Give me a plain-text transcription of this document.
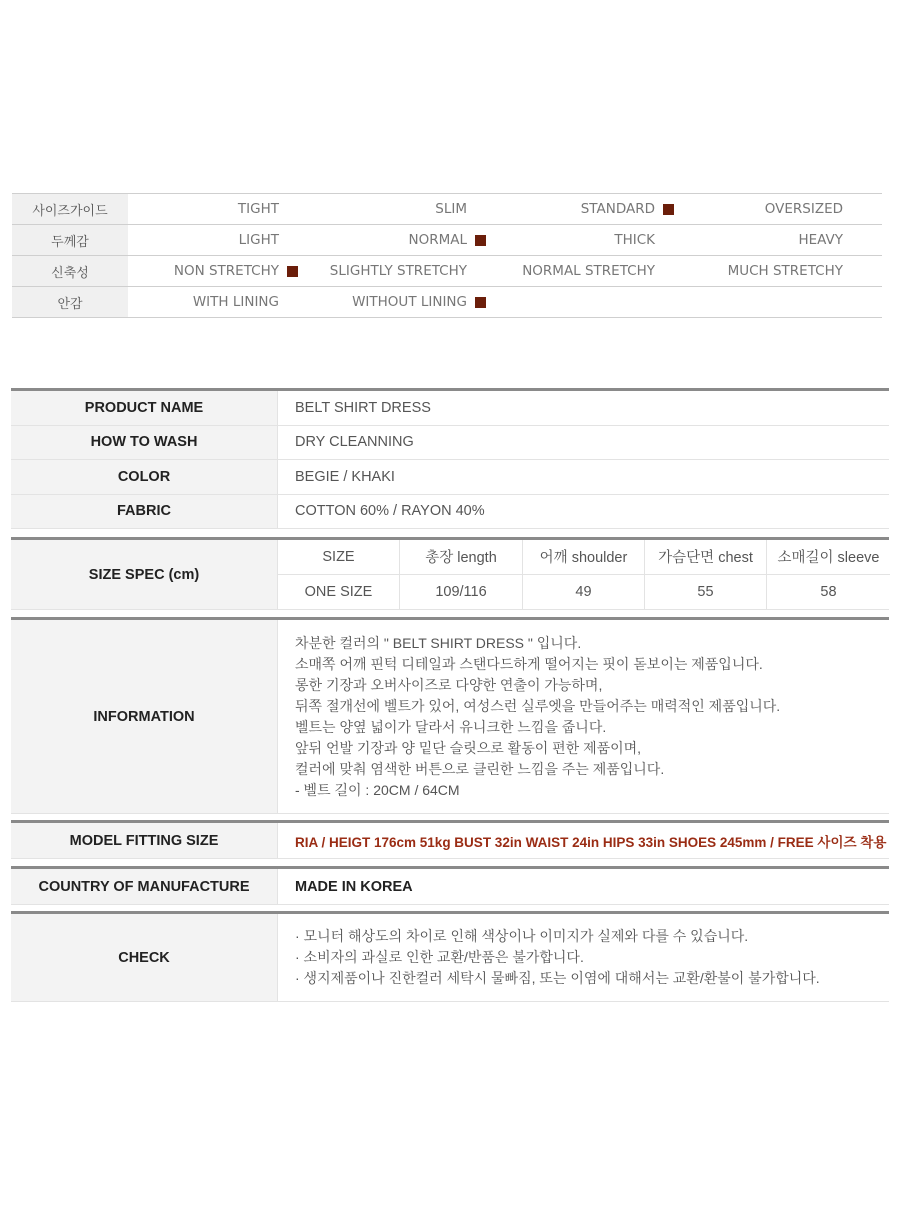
사이즈가이드	TIGHT	SLIM	STANDARD	OVERSIZED
두께감	LIGHT	NORMAL	THICK	HEAVY
신축성	NON STRETCHY	SLIGHTLY STRETCHY	NORMAL STRETCHY	MUCH STRETCHY
안감	WITH LINING	WITHOUT LINING
PRODUCT NAME	BELT SHIRT DRESS
HOW TO WASH	DRY CLEANNING
COLOR	BEGIE / KHAKI
FABRIC	COTTON 60% / RAYON 40%
SIZE SPEC (cm)
SIZE	총장 length	어깨 shoulder	가슴단면 chest	소매길이 sleeve
ONE SIZE	109/116	49	55	58
INFORMATION

차분한 컬러의 " BELT SHIRT DRESS " 입니다.

소매쪽 어깨 핀턱 디테일과 스탠다드하게 떨어지는 핏이 돋보이는 제품입니다.

롱한 기장과 오버사이즈로 다양한 연출이 가능하며,

뒤쪽 절개선에 벨트가 있어, 여성스런 실루엣을 만들어주는 매력적인 제품입니다.

벨트는 양옆 넓이가 달라서 유니크한 느낌을 줍니다.

앞뒤 언발 기장과 양 밑단 슬릿으로 활동이 편한 제품이며,

컬러에 맞춰 염색한 버튼으로 클린한 느낌을 주는 제품입니다.

- 벨트 길이 : 20CM / 64CM

MODEL FITTING SIZE	RIA / HEIGT 176cm 51kg BUST 32in WAIST 24in HIPS 33in SHOES 245mm / FREE 사이즈 착용
COUNTRY OF MANUFACTURE	MADE IN KOREA
CHECK

· 모니터 해상도의 차이로 인해 색상이나 이미지가 실제와 다를 수 있습니다.

· 소비자의 과실로 인한 교환/반품은 불가합니다.

· 생지제품이나 진한컬러 세탁시 물빠짐, 또는 이염에 대해서는 교환/환불이 불가합니다.
